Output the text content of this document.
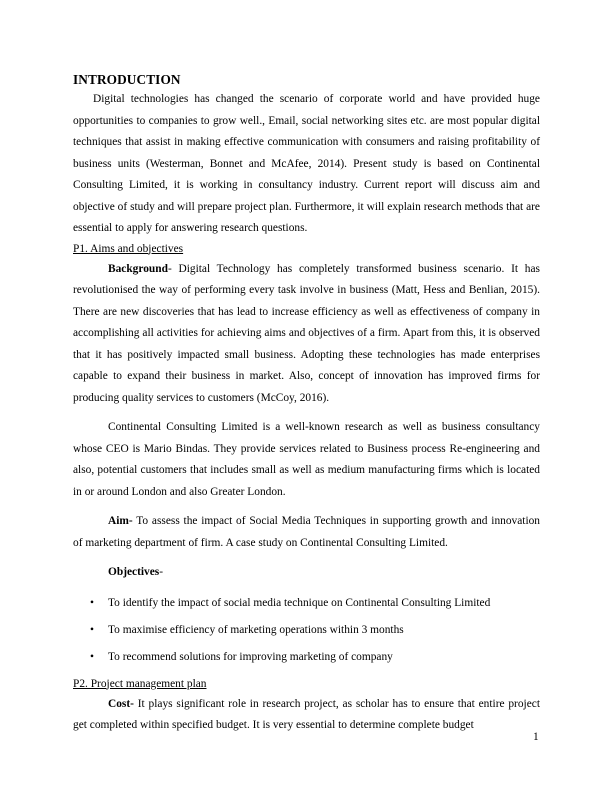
INTRODUCTION

Digital technologies has changed the scenario of corporate world and have provided huge opportunities to companies to grow well., Email, social networking sites etc. are most popular digital techniques that assist in making effective communication with consumers and raising profitability of business units (Westerman, Bonnet and McAfee, 2014). Present study is based on Continental Consulting Limited, it is working in consultancy industry. Current report will discuss aim and objective of study and will prepare project plan. Furthermore, it will explain research methods that are essential to apply for answering research questions.

P1. Aims and objectives

Background- Digital Technology has completely transformed business scenario. It has revolutionised the way of performing every task involve in business (Matt, Hess and Benlian, 2015). There are new discoveries that has lead to increase efficiency as well as effectiveness of company in accomplishing all activities for achieving aims and objectives of a firm. Apart from this, it is observed that it has positively impacted small business. Adopting these technologies has made enterprises capable to expand their business in market. Also, concept of innovation has improved firms for producing quality services to customers (McCoy, 2016).

Continental Consulting Limited is a well-known research as well as business consultancy whose CEO is Mario Bindas. They provide services related to Business process Re-engineering and also, potential customers that includes small as well as medium manufacturing firms which is located in or around London and also Greater London.

Aim- To assess the impact of Social Media Techniques in supporting growth and innovation of marketing department of firm. A case study on Continental Consulting Limited.

Objectives-

• To identify the impact of social media technique on Continental Consulting Limited
• To maximise efficiency of marketing operations within 3 months
• To recommend solutions for improving marketing of company

P2. Project management plan

Cost- It plays significant role in research project, as scholar has to ensure that entire project get completed within specified budget. It is very essential to determine complete budget

1
